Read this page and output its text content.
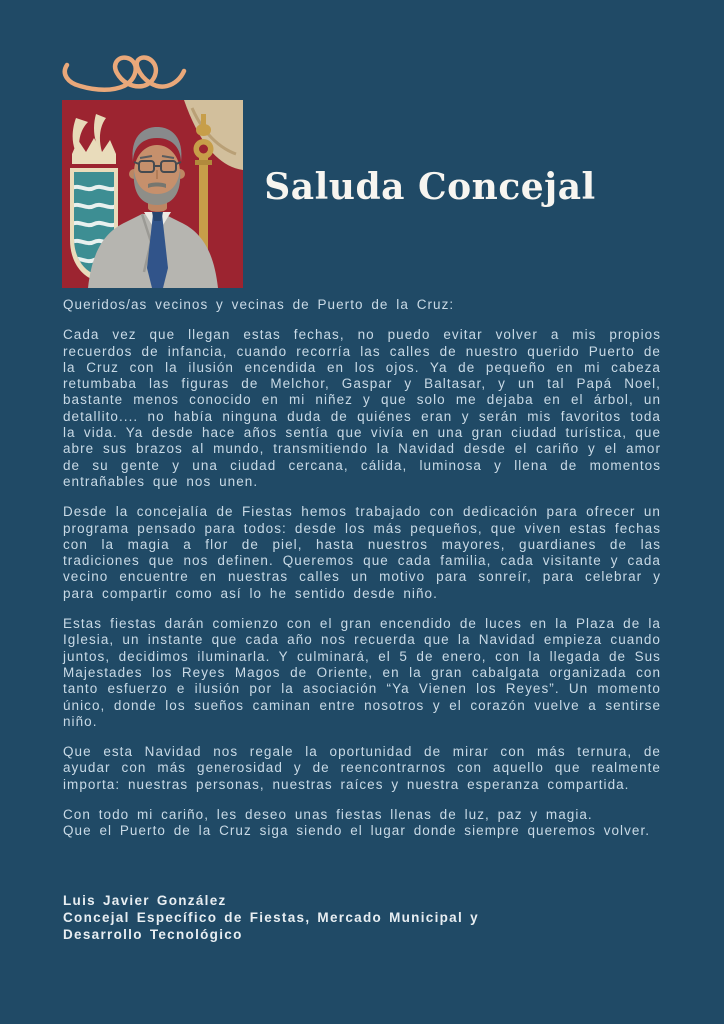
Saluda Concejal

Queridos/as vecinos y vecinas de Puerto de la Cruz:

Cada vez que llegan estas fechas, no puedo evitar volver a mis propios recuerdos de infancia, cuando recorría las calles de nuestro querido Puerto de la Cruz con la ilusión encendida en los ojos. Ya de pequeño en mi cabeza retumbaba las figuras de Melchor, Gaspar y Baltasar, y un tal Papá Noel, bastante menos conocido en mi niñez y que solo me dejaba en el árbol, un detallito.... no había ninguna duda de quiénes eran y serán mis favoritos toda la vida. Ya desde hace años sentía que vivía en una gran ciudad turística, que abre sus brazos al mundo, transmitiendo la Navidad desde el cariño y el amor de su gente y una ciudad cercana, cálida, luminosa y llena de momentos entrañables que nos unen.

Desde la concejalía de Fiestas hemos trabajado con dedicación para ofrecer un programa pensado para todos: desde los más pequeños, que viven estas fechas con la magia a flor de piel, hasta nuestros mayores, guardianes de las tradiciones que nos definen. Queremos que cada familia, cada visitante y cada vecino encuentre en nuestras calles un motivo para sonreír, para celebrar y para compartir como así lo he sentido desde niño.

Estas fiestas darán comienzo con el gran encendido de luces en la Plaza de la Iglesia, un instante que cada año nos recuerda que la Navidad empieza cuando juntos, decidimos iluminarla. Y culminará, el 5 de enero, con la llegada de Sus Majestades los Reyes Magos de Oriente, en la gran cabalgata organizada con tanto esfuerzo e ilusión por la asociación “Ya Vienen los Reyes”. Un momento único, donde los sueños caminan entre nosotros y el corazón vuelve a sentirse niño.

Que esta Navidad nos regale la oportunidad de mirar con más ternura, de ayudar con más generosidad y de reencontrarnos con aquello que realmente importa: nuestras personas, nuestras raíces y nuestra esperanza compartida.

Con todo mi cariño, les deseo unas fiestas llenas de luz, paz y magia.

Que el Puerto de la Cruz siga siendo el lugar donde siempre queremos volver.

Luis Javier González

Concejal Específico de Fiestas, Mercado Municipal y

Desarrollo Tecnológico
